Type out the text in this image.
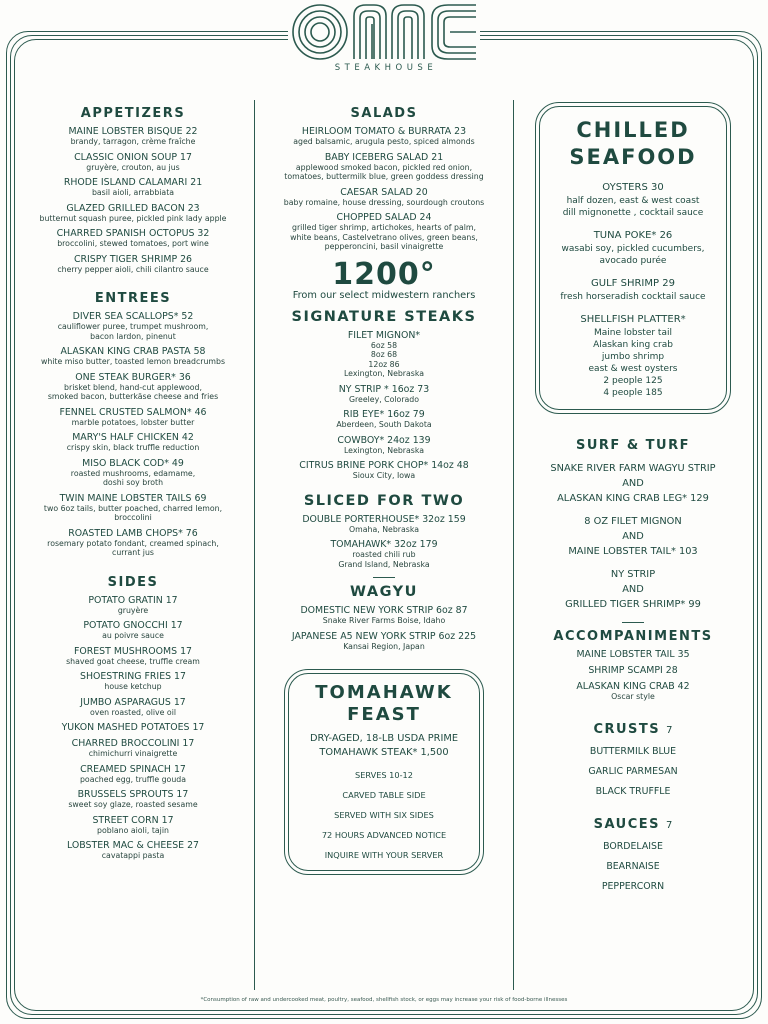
STEAKHOUSE
APPETIZERS
MAINE LOBSTER BISQUE 22
brandy, tarragon, crème fraîche
CLASSIC ONION SOUP 17
gruyère, crouton, au jus
RHODE ISLAND CALAMARI 21
basil aioli, arrabbiata
GLAZED GRILLED BACON 23
butternut squash puree, pickled pink lady apple
CHARRED SPANISH OCTOPUS 32
broccolini, stewed tomatoes, port wine
CRISPY TIGER SHRIMP 26
cherry pepper aioli, chili cilantro sauce
ENTREES
DIVER SEA SCALLOPS* 52
cauliflower puree, trumpet mushroom,
bacon lardon, pinenut
ALASKAN KING CRAB PASTA 58
white miso butter, toasted lemon breadcrumbs
ONE STEAK BURGER* 36
brisket blend, hand-cut applewood,
smoked bacon, butterkäse cheese and fries
FENNEL CRUSTED SALMON* 46
marble potatoes, lobster butter
MARY'S HALF CHICKEN 42
crispy skin, black truffle reduction
MISO BLACK COD* 49
roasted mushrooms, edamame,
doshi soy broth
TWIN MAINE LOBSTER TAILS 69
two 6oz tails, butter poached, charred lemon,
broccolini
ROASTED LAMB CHOPS* 76
rosemary potato fondant, creamed spinach,
currant jus
SIDES
POTATO GRATIN 17
gruyère
POTATO GNOCCHI 17
au poivre sauce
FOREST MUSHROOMS 17
shaved goat cheese, truffle cream
SHOESTRING FRIES 17
house ketchup
JUMBO ASPARAGUS 17
oven roasted, olive oil
YUKON MASHED POTATOES 17
CHARRED BROCCOLINI 17
chimichurri vinaigrette
CREAMED SPINACH 17
poached egg, truffle gouda
BRUSSELS SPROUTS 17
sweet soy glaze, roasted sesame
STREET CORN 17
poblano aioli, tajin
LOBSTER MAC & CHEESE 27
cavatappi pasta
SALADS
HEIRLOOM TOMATO & BURRATA 23
aged balsamic, arugula pesto, spiced almonds
BABY ICEBERG SALAD 21
applewood smoked bacon, pickled red onion,
tomatoes, buttermilk blue, green goddess dressing
CAESAR SALAD 20
baby romaine, house dressing, sourdough croutons
CHOPPED SALAD 24
grilled tiger shrimp, artichokes, hearts of palm,
white beans, Castelvetrano olives, green beans,
pepperoncini, basil vinaigrette
1200°
From our select midwestern ranchers
SIGNATURE STEAKS
FILET MIGNON*
6oz 58
8oz 68
12oz 86
Lexington, Nebraska
NY STRIP * 16oz 73
Greeley, Colorado
RIB EYE* 16oz 79
Aberdeen, South Dakota
COWBOY* 24oz 139
Lexington, Nebraska
CITRUS BRINE PORK CHOP* 14oz 48
Sioux City, Iowa
SLICED FOR TWO
DOUBLE PORTERHOUSE* 32oz 159
Omaha, Nebraska
TOMAHAWK* 32oz 179
roasted chili rub
Grand Island, Nebraska
WAGYU
DOMESTIC NEW YORK STRIP 6oz 87
Snake River Farms Boise, Idaho
JAPANESE A5 NEW YORK STRIP 6oz 225
Kansai Region, Japan
TOMAHAWK
FEAST
DRY-AGED, 18-LB USDA PRIME
TOMAHAWK STEAK* 1,500
SERVES 10-12
CARVED TABLE SIDE
SERVED WITH SIX SIDES
72 HOURS ADVANCED NOTICE
INQUIRE WITH YOUR SERVER
CHILLED
SEAFOOD
OYSTERS 30
half dozen, east & west coast
dill mignonette , cocktail sauce
TUNA POKE* 26
wasabi soy, pickled cucumbers,
avocado purée
GULF SHRIMP 29
fresh horseradish cocktail sauce
SHELLFISH PLATTER*
Maine lobster tail
Alaskan king crab
jumbo shrimp
east & west oysters
2 people 125
4 people 185
SURF & TURF
SNAKE RIVER FARM WAGYU STRIP
AND
ALASKAN KING CRAB LEG* 129
8 OZ FILET MIGNON
AND
MAINE LOBSTER TAIL* 103
NY STRIP
AND
GRILLED TIGER SHRIMP* 99
ACCOMPANIMENTS
MAINE LOBSTER TAIL 35
SHRIMP SCAMPI 28
ALASKAN KING CRAB 42
Oscar style
CRUSTS 7
BUTTERMILK BLUE
GARLIC PARMESAN
BLACK TRUFFLE
SAUCES 7
BORDELAISE
BEARNAISE
PEPPERCORN
*Consumption of raw and undercooked meat, poultry, seafood, shellfish stock, or eggs may increase your risk of food-borne illnesses
